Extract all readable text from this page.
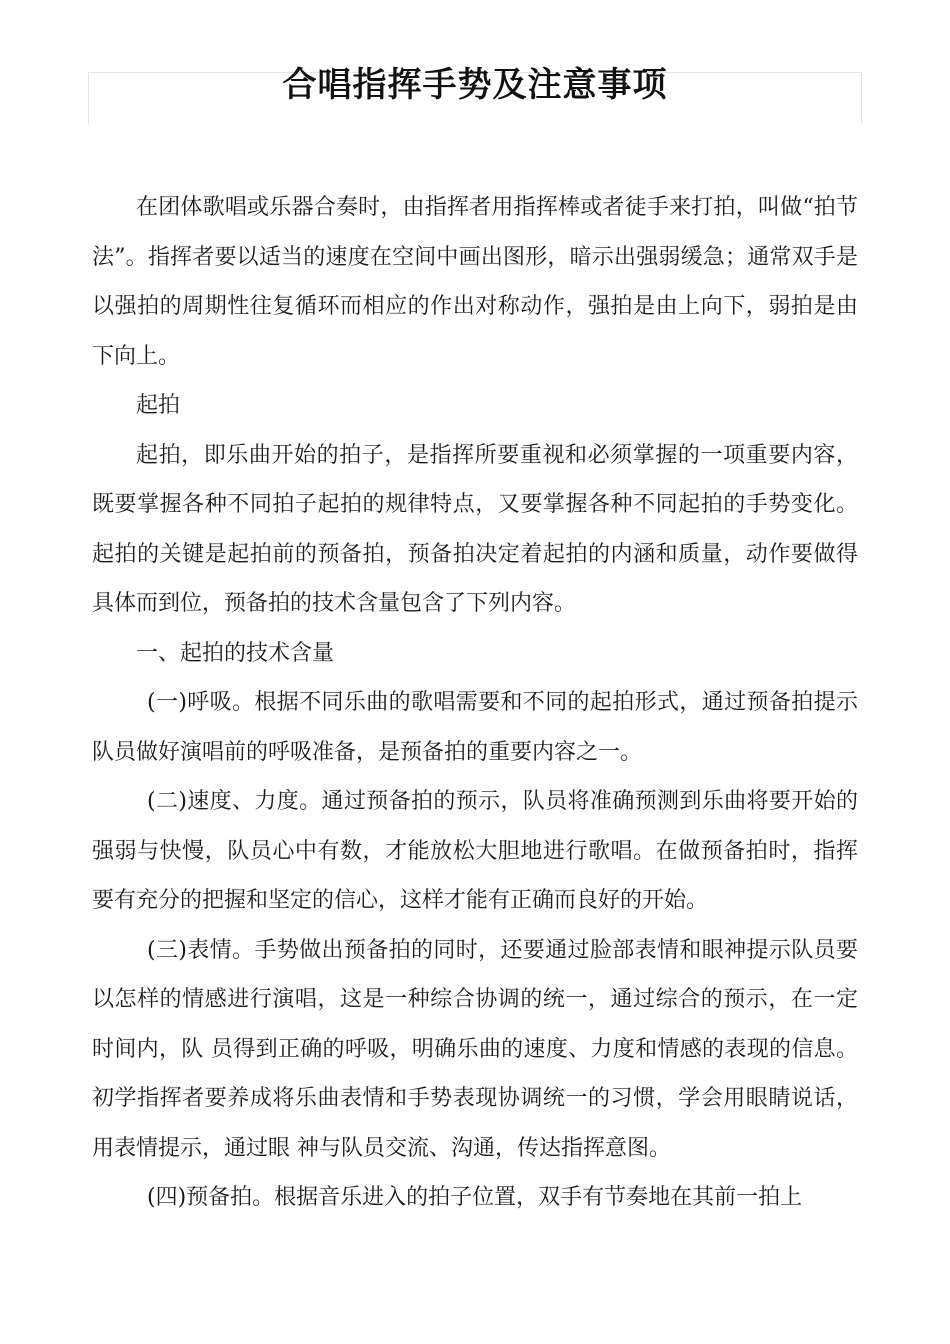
合唱指挥手势及注意事项

在团体歌唱或乐器合奏时，由指挥者用指挥棒或者徒手来打拍，叫做“拍节法”。指挥者要以适当的速度在空间中画出图形，暗示出强弱缓急；通常双手是以强拍的周期性往复循环而相应的作出对称动作，强拍是由上向下，弱拍是由下向上。

起拍

起拍，即乐曲开始的拍子，是指挥所要重视和必须掌握的一项重要内容，既要掌握各种不同拍子起拍的规律特点，又要掌握各种不同起拍的手势变化。起拍的关键是起拍前的预备拍，预备拍决定着起拍的内涵和质量，动作要做得具体而到位，预备拍的技术含量包含了下列内容。

一、起拍的技术含量

(一)呼吸。根据不同乐曲的歌唱需要和不同的起拍形式，通过预备拍提示队员做好演唱前的呼吸准备，是预备拍的重要内容之一。

(二)速度、力度。通过预备拍的预示，队员将准确预测到乐曲将要开始的强弱与快慢，队员心中有数，才能放松大胆地进行歌唱。在做预备拍时，指挥要有充分的把握和坚定的信心，这样才能有正确而良好的开始。

(三)表情。手势做出预备拍的同时，还要通过脸部表情和眼神提示队员要以怎样的情感进行演唱，这是一种综合协调的统一，通过综合的预示，在一定时间内，队 员得到正确的呼吸，明确乐曲的速度、力度和情感的表现的信息。初学指挥者要养成将乐曲表情和手势表现协调统一的习惯，学会用眼睛说话，用表情提示，通过眼 神与队员交流、沟通，传达指挥意图。

(四)预备拍。根据音乐进入的拍子位置，双手有节奏地在其前一拍上
